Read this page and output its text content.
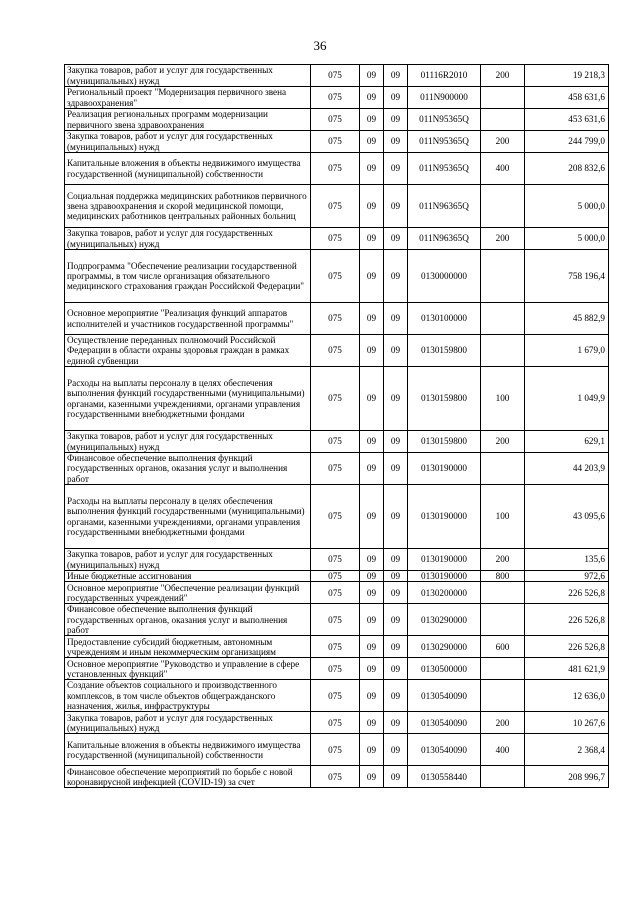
36
Закупка товаров, работ и услуг для государственных (муниципальных) нужд	075	09	09	01116R2010	200	19 218,3
Региональный проект "Модернизация первичного звена здравоохранения"	075	09	09	011N900000		458 631,6
Реализация региональных программ модернизации первичного звена здравоохранения	075	09	09	011N95365Q		453 631,6
Закупка товаров, работ и услуг для государственных (муниципальных) нужд	075	09	09	011N95365Q	200	244 799,0
Капитальные вложения в объекты недвижимого имущества государственной (муниципальной) собственности	075	09	09	011N95365Q	400	208 832,6
Социальная поддержка медицинских работников первичного звена здравоохранения и скорой медицинской помощи, медицинских работников центральных районных больниц	075	09	09	011N96365Q		5 000,0
Закупка товаров, работ и услуг для государственных (муниципальных) нужд	075	09	09	011N96365Q	200	5 000,0
Подпрограмма "Обеспечение реализации государственной программы, в том числе организация обязательного медицинского страхования граждан Российской Федерации"	075	09	09	0130000000		758 196,4
Основное мероприятие "Реализация функций аппаратов исполнителей и участников государственной программы"	075	09	09	0130100000		45 882,9
Осуществление переданных полномочий Российской Федерации в области охраны здоровья граждан в рамках единой субвенции	075	09	09	0130159800		1 679,0
Расходы на выплаты персоналу в целях обеспечения выполнения функций государственными (муниципальными) органами, казенными учреждениями, органами управления государственными внебюджетными фондами	075	09	09	0130159800	100	1 049,9
Закупка товаров, работ и услуг для государственных (муниципальных) нужд	075	09	09	0130159800	200	629,1
Финансовое обеспечение выполнения функций государственных органов, оказания услуг и выполнения работ	075	09	09	0130190000		44 203,9
Расходы на выплаты персоналу в целях обеспечения выполнения функций государственными (муниципальными) органами, казенными учреждениями, органами управления государственными внебюджетными фондами	075	09	09	0130190000	100	43 095,6
Закупка товаров, работ и услуг для государственных (муниципальных) нужд	075	09	09	0130190000	200	135,6
Иные бюджетные ассигнования	075	09	09	0130190000	800	972,6
Основное мероприятие "Обеспечение реализации функций государственных учреждений"	075	09	09	0130200000		226 526,8
Финансовое обеспечение выполнения функций государственных органов, оказания услуг и выполнения работ	075	09	09	0130290000		226 526,8
Предоставление субсидий бюджетным, автономным учреждениям и иным некоммерческим организациям	075	09	09	0130290000	600	226 526,8
Основное мероприятие "Руководство и управление в сфере установленных функций"	075	09	09	0130500000		481 621,9
Создание объектов социального и производственного комплексов, в том числе объектов общегражданского назначения, жилья, инфраструктуры	075	09	09	0130540090		12 636,0
Закупка товаров, работ и услуг для государственных (муниципальных) нужд	075	09	09	0130540090	200	10 267,6
Капитальные вложения в объекты недвижимого имущества государственной (муниципальной) собственности	075	09	09	0130540090	400	2 368,4
Финансовое обеспечение мероприятий по борьбе с новой коронавирусной инфекцией (COVID-19) за счет	075	09	09	0130558440		208 996,7
